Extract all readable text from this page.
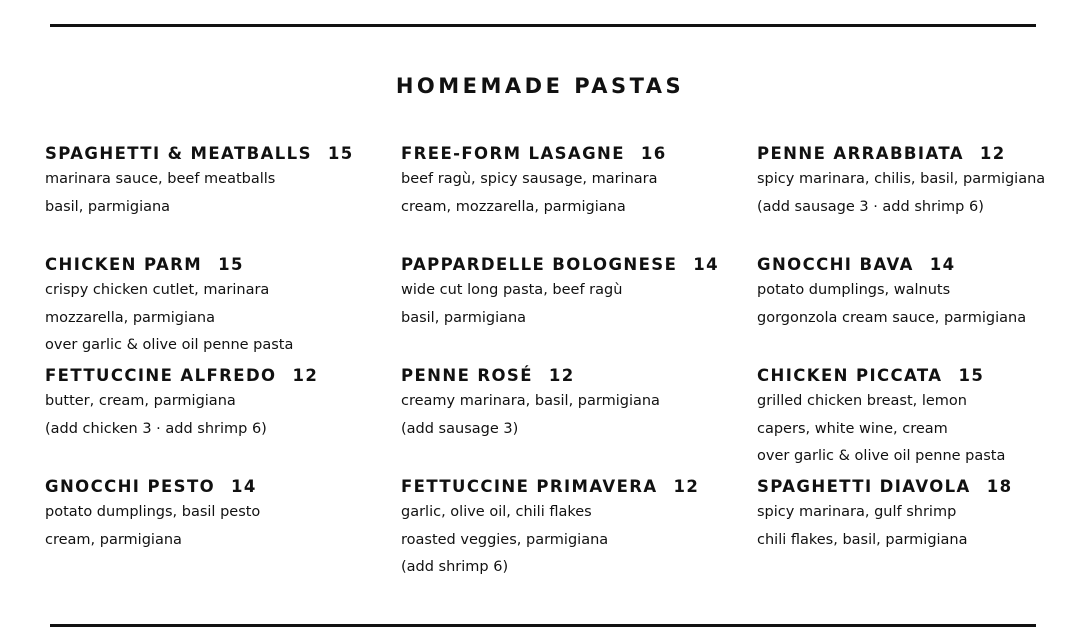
HOMEMADE PASTAS
SPAGHETTI & MEATBALLS 15
marinara sauce, beef meatballs
basil, parmigiana
CHICKEN PARM 15
crispy chicken cutlet, marinara
mozzarella, parmigiana
over garlic & olive oil penne pasta
FETTUCCINE ALFREDO 12
butter, cream, parmigiana
(add chicken 3 · add shrimp 6)
GNOCCHI PESTO 14
potato dumplings, basil pesto
cream, parmigiana
FREE-FORM LASAGNE 16
beef ragù, spicy sausage, marinara
cream, mozzarella, parmigiana
PAPPARDELLE BOLOGNESE 14
wide cut long pasta, beef ragù
basil, parmigiana
PENNE ROSÉ 12
creamy marinara, basil, parmigiana
(add sausage 3)
FETTUCCINE PRIMAVERA 12
garlic, olive oil, chili flakes
roasted veggies, parmigiana
(add shrimp 6)
PENNE ARRABBIATA 12
spicy marinara, chilis, basil, parmigiana
(add sausage 3 · add shrimp 6)
GNOCCHI BAVA 14
potato dumplings, walnuts
gorgonzola cream sauce, parmigiana
CHICKEN PICCATA 15
grilled chicken breast, lemon
capers, white wine, cream
over garlic & olive oil penne pasta
SPAGHETTI DIAVOLA 18
spicy marinara, gulf shrimp
chili flakes, basil, parmigiana
